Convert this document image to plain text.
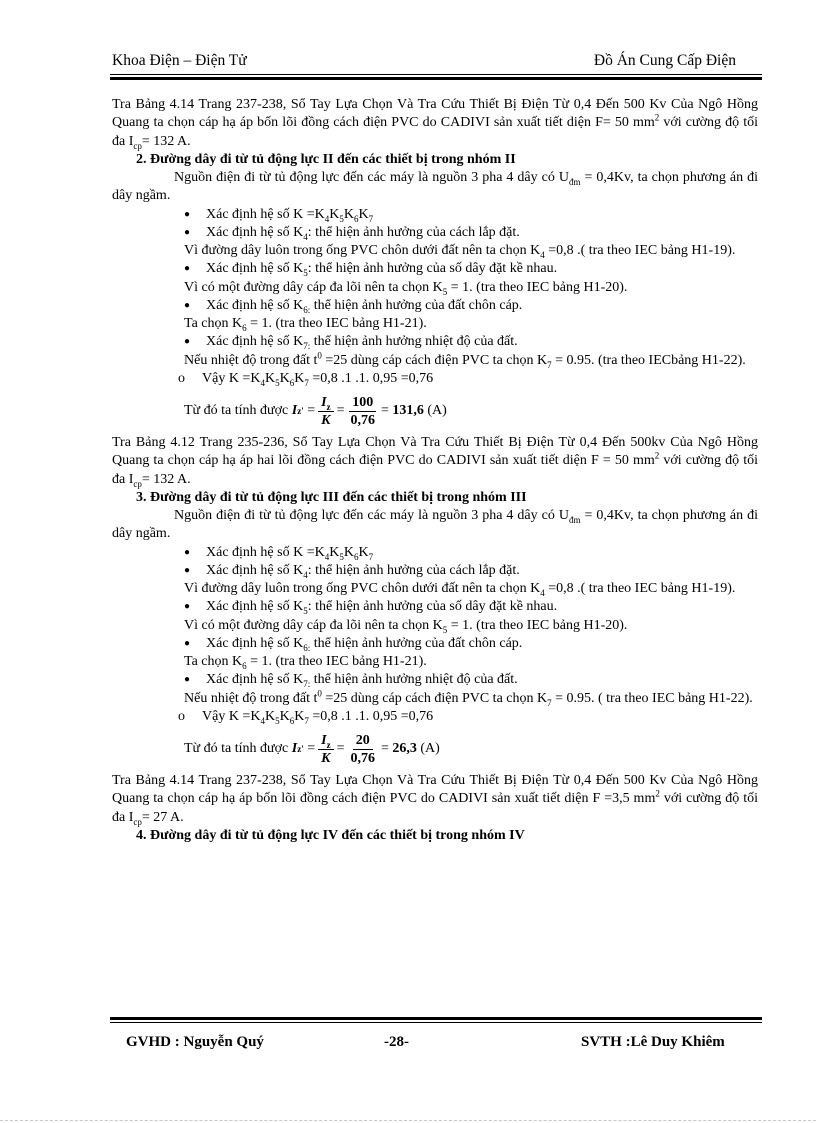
Khoa Điện – Điện Tử	Đồ Án Cung Cấp Điện

Tra Bảng 4.14 Trang 237-238, Sổ Tay Lựa Chọn Và Tra Cứu Thiết Bị Điện Từ 0,4 Đến 500 Kv Của Ngô Hồng Quang ta chọn cáp hạ áp bốn lõi đồng cách điện PVC do CADIVI sản xuất tiết diện F= 50 $mm^2$ với cường độ tối đa $I_{cp}= 132$ A.

2. Đường dây đi từ tủ động lực II đến các thiết bị trong nhóm II

Nguồn điện đi từ tủ động lực đến các máy là nguồn 3 pha 4 dây có $U_{đm} = 0,4Kv$, ta chọn phương án đi dây ngầm.

● Xác định hệ số $K =K_4K_5K_6K_7$

● Xác định hệ số $K_4$: thể hiện ảnh hưởng của cách lắp đặt.

Vì đường dây luôn trong ống PVC chôn dưới đất nên ta chọn $K_4 =0,8$ .( tra theo IEC bảng H1-19).

● Xác định hệ số $K_5$: thể hiện ảnh hưởng của số dây đặt kề nhau.

Vì có một đường dây cáp đa lõi nên ta chọn $K_5 = 1$. (tra theo IEC bảng H1-20).

● Xác định hệ số $K_{6:}$ thể hiện ảnh hưởng của đất chôn cáp.

Ta chọn $K_6 = 1$. (tra theo IEC bảng H1-21).

● Xác định hệ số $K_{7:}$ thể hiện ảnh hưởng nhiệt độ của đất.

Nếu nhiệt độ trong đất $t^0 =25$ dùng cáp cách điện PVC ta chọn $K_7 = 0.95$. (tra theo IECbảng H1-22).

o Vậy $K =K_4K_5K_6K_7 =0,8$ .1 .1. 0,95 =0,76

Từ đó ta tính được
I z '
= $\frac{I_z}{K} = \frac{100}{0,76}$ =
131,6
(A)

Tra Bảng 4.12 Trang 235-236, Sổ Tay Lựa Chọn Và Tra Cứu Thiết Bị Điện Từ 0,4 Đến 500kv Của Ngô Hồng Quang ta chọn cáp hạ áp hai lõi đồng cách điện PVC do CADIVI sản xuất tiết diện F = 50 $mm^2$ với cường độ tối đa $I_{cp}= 132$ A.

3. Đường dây đi từ tủ động lực III đến các thiết bị trong nhóm III

Nguồn điện đi từ tủ động lực đến các máy là nguồn 3 pha 4 dây có $U_{đm} = 0,4Kv$, ta chọn phương án đi dây ngầm.

● Xác định hệ số $K =K_4K_5K_6K_7$

● Xác định hệ số $K_4$: thể hiện ảnh hưởng của cách lắp đặt.

Vì đường dây luôn trong ống PVC chôn dưới đất nên ta chọn $K_4 =0,8$ .( tra theo IEC bảng H1-19).

● Xác định hệ số $K_5$: thể hiện ảnh hưởng của số dây đặt kề nhau.

Vì có một đường dây cáp đa lõi nên ta chọn $K_5 = 1$. (tra theo IEC bảng H1-20).

● Xác định hệ số $K_{6:}$ thể hiện ảnh hưởng của đất chôn cáp.

Ta chọn $K_6 = 1$. (tra theo IEC bảng H1-21).

● Xác định hệ số $K_{7:}$ thể hiện ảnh hưởng nhiệt độ của đất.

Nếu nhiệt độ trong đất $t^0 =25$ dùng cáp cách điện PVC ta chọn $K_7 = 0.95$. ( tra theo IEC bảng H1-22).

o Vậy $K =K_4K_5K_6K_7 =0,8$ .1 .1. 0,95 =0,76

Từ đó ta tính được
I z '
= $\frac{I_z}{K} = \frac{20}{0,76}$ =
26,3
(A)

Tra Bảng 4.14 Trang 237-238, Sổ Tay Lựa Chọn Và Tra Cứu Thiết Bị Điện Từ 0,4 Đến 500 Kv Của Ngô Hồng Quang ta chọn cáp hạ áp bốn lõi đồng cách điện PVC do CADIVI sản xuất tiết diện F =3,5 $mm^2$ với cường độ tối đa $I_{cp}= 27$ A.

4. Đường dây đi từ tủ động lực IV đến các thiết bị trong nhóm IV

GVHD : Nguyễn Quý	-28-	SVTH :Lê Duy Khiêm
